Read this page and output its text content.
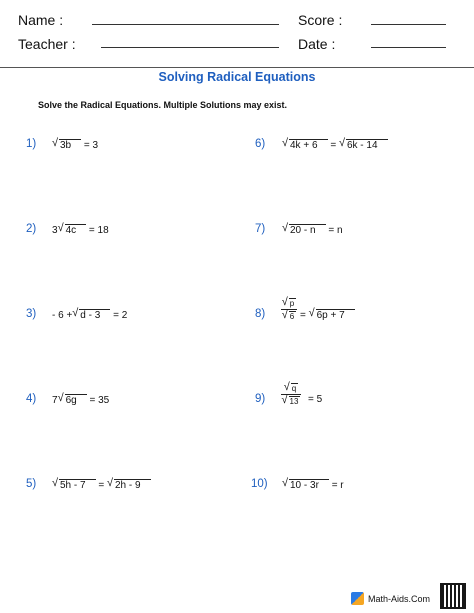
Name :
Teacher :
Score :
Date :
Solving Radical Equations
Solve the Radical Equations. Multiple Solutions may exist.
1)	√ 3b = 3
2) 3 √ 4c = 18
3) - 6 + √ d - 3 = 2
4) 7 √ 6g = 35
5)	√ 5h - 7 = √ 2h - 9
6)	√ 4k + 6 = √ 6k - 14
7)	√ 20 - n = n
8)
√ p
√ 6 = √ 6p + 7
9)
√ q
√ 13 = 5
10)	√ 10 - 3r = r
Math-Aids.Com
